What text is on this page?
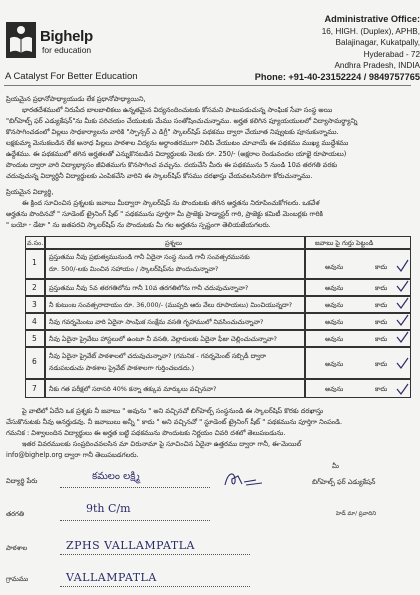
Bighelp
for education
A Catalyst For Better Education
Administrative Office:
16, HIGH. (Duplex), APHB,
Balajinagar, Kukatpally,
Hyderabad - 72
Andhra Pradesh, INDIA
Phone: +91-40-23152224 / 9849757765
ప్రియమైన ప్రధానోపాధ్యాయుడు లేక ప్రధానోపాధ్యాయిని,
భారతదేశములో నిరుపేద బాలబాలికలు ఉన్నతమైన విద్యనందించుటకు కోసమని పాటుపడుచున్న సాంఘిక సేవా సంస్థ అయి
"బిగ్‌హెల్ప్ ఫర్ ఎడ్యుకేషన్"ను మీకు పరిచయం చేయుటకు మేము సంతోషించుచున్నాము. అర్హత కలిగిన ప్యూయయులలో విద్యాసామర్థ్యాన్ని
కొనసాగించడంలో విల్లలు సాధకార్యాలను వారికి "స్పాన్సర్ ఎ డిగ్రీ" స్కాలర్‌షిప్ పథకము ద్వారా చేయూత నివ్వుటకు పూనుకున్నాము.
లక్షకుమ్మా మెనుకబడిన లేక అనాధ పిల్లలు పాఠశాల విద్యను అర్థాంతరముగా నిలిపి వేయుటం చూచాయే ఈ పథకము ముఖ్య ముద్దేశము
ఉద్దేశము. ఈ పథకములో తగిన అర్హతలతో ఎన్నుకొనబడిన విద్యార్థులకు నెలకు రూ. 250/- (అక్షరాల రెండువందల యాభై రూపాయలు)
పొందుట ద్వారా వారి విద్యాభ్యాసం జీవితముగు కొనసాగించ వచ్చును. దయచేసి మీరు ఈ పథకమును 5 నుండి 10వ తరగతి వరకు
చదువుచున్న విద్యార్థినీ విద్యార్థులకు ఎంపికచేసి వారిని ఈ స్కాలర్‌షిప్ కోసము దరఖాస్తు చేయవలసినదిగా కోరుచున్నాము.
ప్రియమైన విద్యార్థి,
ఈ క్రింద సూచించిన ప్రశ్నలకు జవాబు మీద్వారా స్కాలర్‌షిప్ ను పొందుటకు తగిన అర్హతను నిరూపించుకోగలరు. ఒకవేళ
అర్హతను పొందినచో " సూడెంట్ ట్రైనింగ్ షీట్ " పథకమును పూర్తిగా మీ ప్రాజెక్టు హెడ్మాస్టర్ గారి, ప్రాజెక్టు కమిటీ మెంబర్లకు గారికి
" బయో - డేటా " ను జతపరచి స్కాలర్‌షిప్ ను పొందుటకు మీ గల అర్హతను స్పష్టంగా తెలియజేయగలరు.
వ.సం.	ప్రశ్నలు	జవాబు పై గుర్తు పెట్టండి
1
ప్రస్తుతము నీవు ప్రభుత్వమునుండి గానీ ఏదైనా సంస్థ నుండి గానీ సంవత్సరమునకు
రూ. 500/-లకు మించిన సహాయం / స్కాలర్‌షిప్‌ను పొందుచున్నావా?	అవును	కాదు
2 ప్రస్తుతము నీవు 5వ తరగతిలోను గానీ 10వ తరగతిలోను గానీ చదువుచున్నావా?	అవును	కాదు
3 నీ కుటుంబ సంవత్సరాదాయం రూ. 36,000/- (ముప్పది ఆరు వేలు రూపాయలు) మించియున్నదా?	అవును	కాదు
4 నీవు గవర్నమెంటు వారి ఏదైనా సాంఘిక సంక్షేమ వసతి గృహములో నివసించుచున్నావా?	అవును	కాదు
5 నీవు ఏదైనా ప్రైవేటు హాస్టలులో ఉంటూ నీ వసతి, వెల్లారులకు ఏదైనా ఫీజు చెల్లించుచున్నావా?	అవును	కాదు
6
నీవు ఏదైనా ప్రైవేట్ పాఠశాలలో చదువుచున్నావా? (గమనిక - గవర్నమెంట్ సబ్సిడీ ద్వారా
నడుపబడుచు పాఠశాల ప్రైవేట్ పాఠశాలగా గుర్తించబడదు.)	అవును	కాదు
7 నీకు గత పరీక్షలో సరాసరి 40% కన్నా తక్కువ మార్కులు వచ్చినవా?	అవును	కాదు
పై వాటిలో ఏదేని ఒక ప్రశ్నకు నీ జవాబు " అవును " అని వచ్చినచో బిగ్‌హెల్ప్ సంస్థనుండి ఈ స్కాలర్‌షిప్ కొరకు దరఖాస్తు
చేసుకొనుటకు నీవు అనర్హుడవు. నీ జవాబులు అన్నీ " కాదు " అని వచ్చినచో " స్టూడెంట్ ట్రైనింగ్ షీట్ " పథకమును పూర్తిగా నింపండి.
గమనిక : విశ్వాలందిన విద్యార్థులు ఈ అర్హత బట్టి పథకమును పొందుటకు నిర్ణయం చివరి దశలో తెలుపబడును.
ఇతర వివరములకు సంప్రదించవలసిన మా చిరునామా పై సూచించిన ఏదైనా ఉత్తరము ద్వారా గానీ, ఈ-మెయిల్
info@bighelp.org ద్వారా గానీ తెలుపబడగలరు.
మీ
బిగ్‌హెల్ప్ ఫర్ ఎడ్యుకేషన్
విద్యార్థి పేరు	కమలం లక్ష్మి
తరగతి	9th C/m
పాఠశాల	ZPHS VALLAMPATLA
గ్రామము	VALLAMPATLA
హెడ్ మా/ ప్రవాదిని
